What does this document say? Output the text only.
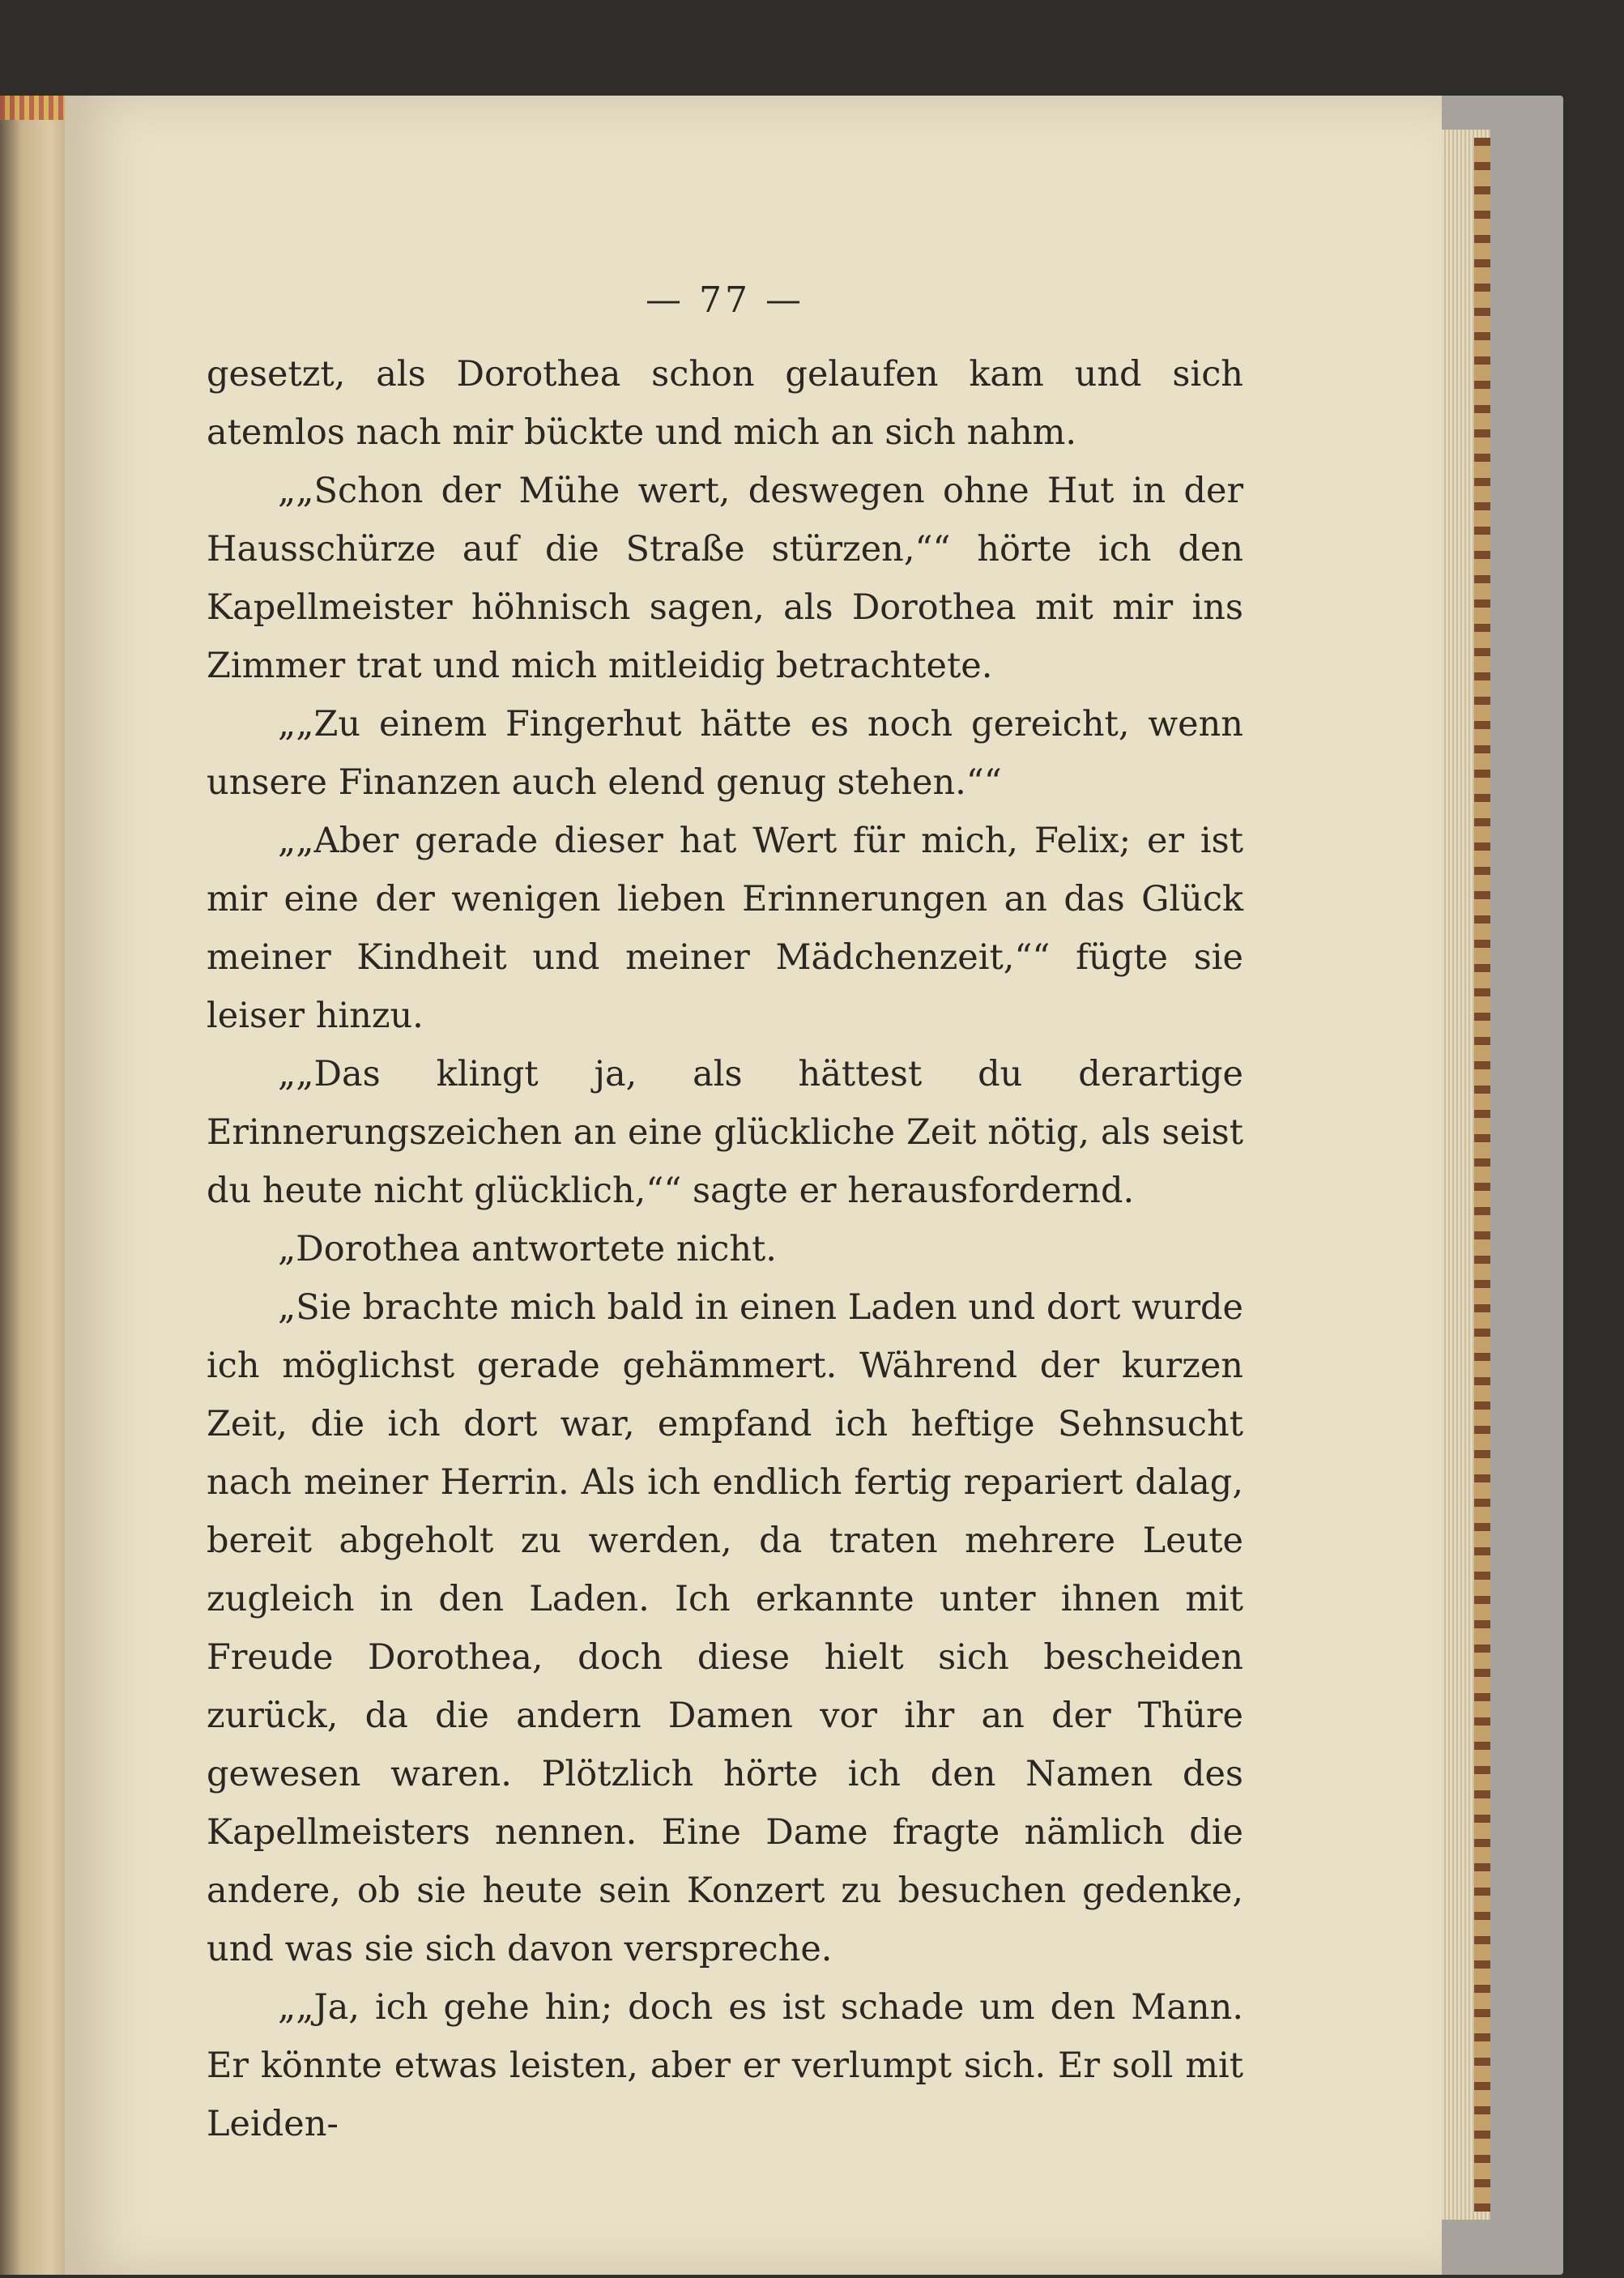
— 77 —

gesetzt, als Dorothea schon gelaufen kam und sich atemlos nach mir bückte und mich an sich nahm.

„„Schon der Mühe wert, deswegen ohne Hut in der Hausschürze auf die Straße stürzen,““ hörte ich den Kapellmeister höhnisch sagen, als Dorothea mit mir ins Zimmer trat und mich mitleidig betrachtete.

„„Zu einem Fingerhut hätte es noch gereicht, wenn unsere Finanzen auch elend genug stehen.““

„„Aber gerade dieser hat Wert für mich, Felix; er ist mir eine der wenigen lieben Erinnerungen an das Glück meiner Kindheit und meiner Mädchenzeit,““ fügte sie leiser hinzu.

„„Das klingt ja, als hättest du derartige Erinnerungszeichen an eine glückliche Zeit nötig, als seist du heute nicht glücklich,““ sagte er herausfordernd.

„Dorothea antwortete nicht.

„Sie brachte mich bald in einen Laden und dort wurde ich möglichst gerade gehämmert. Während der kurzen Zeit, die ich dort war, empfand ich heftige Sehnsucht nach meiner Herrin. Als ich endlich fertig repariert dalag, bereit abgeholt zu werden, da traten mehrere Leute zugleich in den Laden. Ich erkannte unter ihnen mit Freude Dorothea, doch diese hielt sich bescheiden zurück, da die andern Damen vor ihr an der Thüre gewesen waren. Plötzlich hörte ich den Namen des Kapellmeisters nennen. Eine Dame fragte nämlich die andere, ob sie heute sein Konzert zu besuchen gedenke, und was sie sich davon verspreche.

„„Ja, ich gehe hin; doch es ist schade um den Mann. Er könnte etwas leisten, aber er verlumpt sich. Er soll mit Leiden-
